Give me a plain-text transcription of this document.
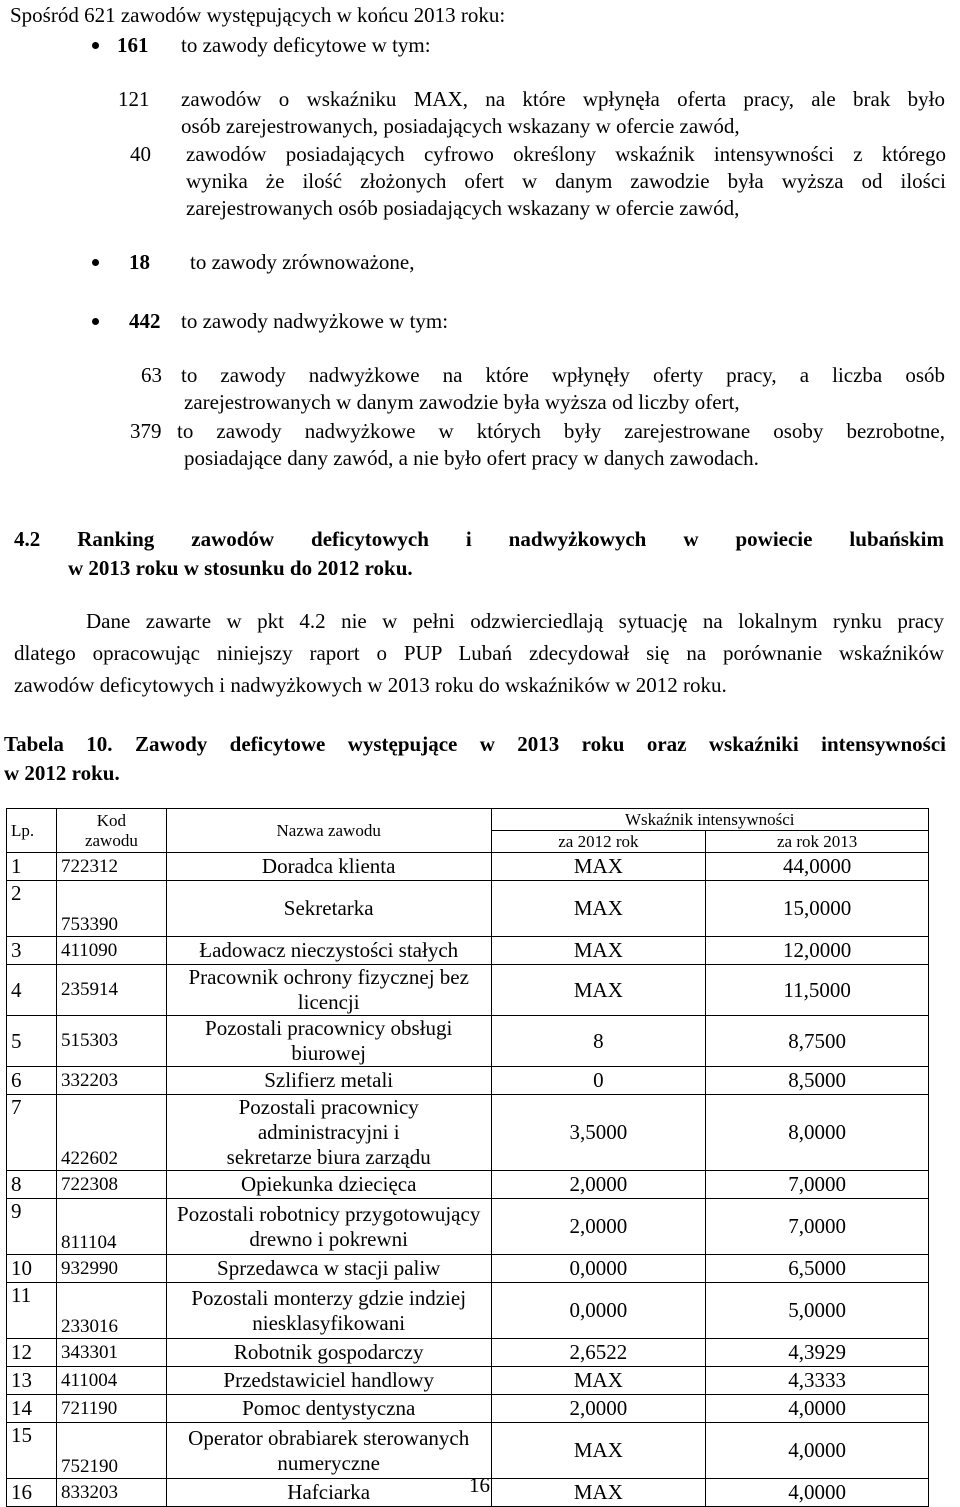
Spośród 621 zawodów występujących w końcu 2013 roku:
161 to zawody deficytowe w tym:
121 zawodów o wskaźniku MAX, na które wpłynęła oferta pracy, ale brak było
osób zarejestrowanych, posiadających wskazany w ofercie zawód,
40 zawodów posiadających cyfrowo określony wskaźnik intensywności z którego
wynika że ilość złożonych ofert w danym zawodzie była wyższa od ilości
zarejestrowanych osób posiadających wskazany w ofercie zawód,
18 to zawody zrównoważone,
442 to zawody nadwyżkowe w tym:
63 to zawody nadwyżkowe na które wpłynęły oferty pracy, a liczba osób
zarejestrowanych w danym zawodzie była wyższa od liczby ofert,
379 to zawody nadwyżkowe w których były zarejestrowane osoby bezrobotne,
posiadające dany zawód, a nie było ofert pracy w danych zawodach.
4.2 Ranking zawodów deficytowych i nadwyżkowych w powiecie lubańskim
w 2013 roku w stosunku do 2012 roku.
Dane zawarte w pkt 4.2 nie w pełni odzwierciedlają sytuację na lokalnym rynku pracy
dlatego opracowując niniejszy raport o PUP Lubań zdecydował się na porównanie wskaźników
zawodów deficytowych i nadwyżkowych w 2013 roku do wskaźników w 2012 roku.
Tabela 10. Zawody deficytowe występujące w 2013 roku oraz wskaźniki intensywności
w 2012 roku.
Lp.	Kod
zawodu	Nazwa zawodu	Wskaźnik intensywności	
			za 2012 rok	za rok 2013
1	722312	Doradca klienta	MAX	44,0000
2	753390	Sekretarka	MAX	15,0000
3	411090	Ładowacz nieczystości stałych	MAX	12,0000
4	235914	Pracownik ochrony fizycznej bez licencji	MAX	11,5000
5	515303	Pozostali pracownicy obsługi biurowej	8	8,7500
6	332203	Szlifierz metali	0	8,5000
7	422602	Pozostali pracownicy administracyjni i
sekretarze biura zarządu	3,5000	8,0000
8	722308	Opiekunka dziecięca	2,0000	7,0000
9	811104	Pozostali robotnicy przygotowujący
drewno i pokrewni	2,0000	7,0000
10	932990	Sprzedawca w stacji paliw	0,0000	6,5000
11	233016	Pozostali monterzy gdzie indziej
niesklasyfikowani	0,0000	5,0000
12	343301	Robotnik gospodarczy	2,6522	4,3929
13	411004	Przedstawiciel handlowy	MAX	4,3333
14	721190	Pomoc dentystyczna	2,0000	4,0000
15	752190	Operator obrabiarek sterowanych
numeryczne	MAX	4,0000
16	833203	Hafciarka	MAX	4,0000
16
